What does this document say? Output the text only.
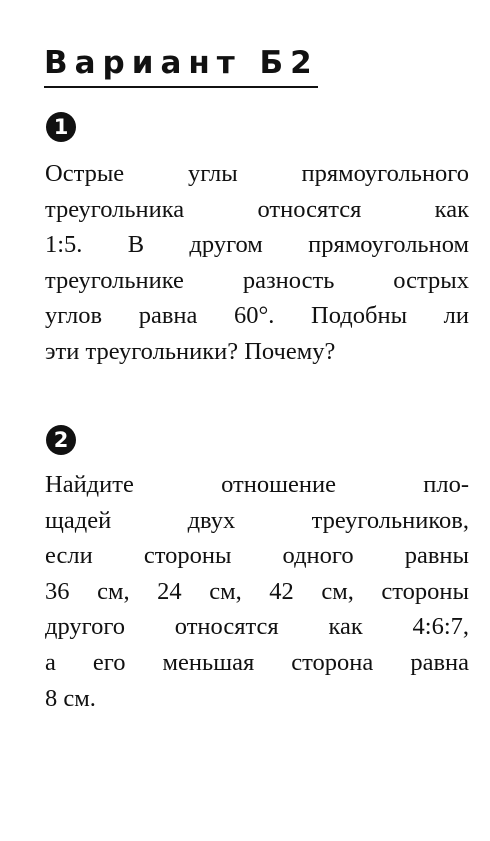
Вариант Б2
1
Острые углы прямоугольного
треугольника относятся как
1:5. В другом прямоугольном
треугольнике разность острых
углов равна 60°. Подобны ли
эти треугольники? Почему?
2
Найдите отношение пло-
щадей двух треугольников,
если стороны одного равны
36 см, 24 см, 42 см, стороны
другого относятся как 4:6:7,
а его меньшая сторона равна
8 см.
